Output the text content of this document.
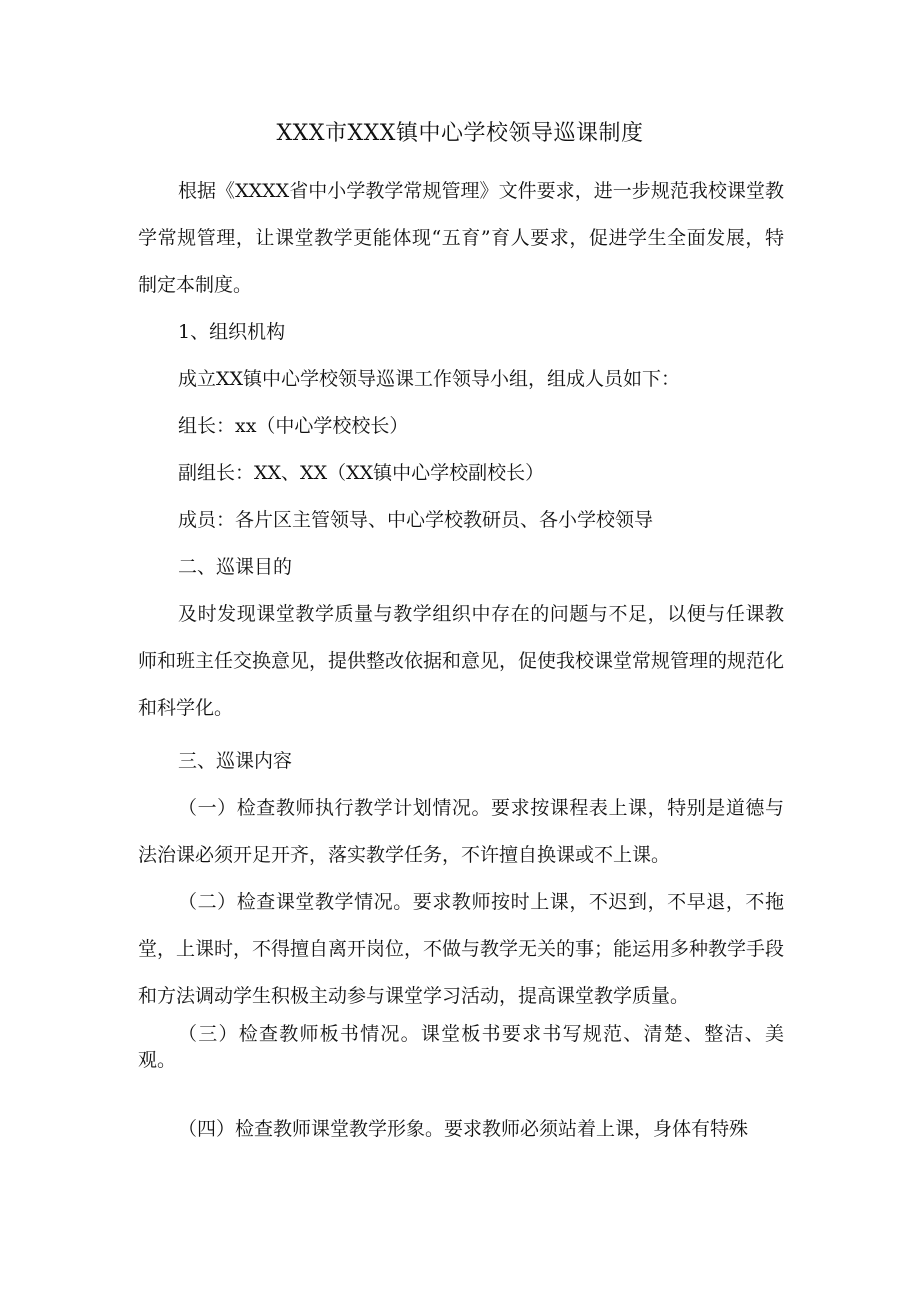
XXX市XXX镇中心学校领导巡课制度

根据《XXXX省中小学教学常规管理》文件要求，进一步规范我校课堂教学常规管理，让课堂教学更能体现“五育”育人要求，促进学生全面发展，特制定本制度。

1、组织机构

成立XX镇中心学校领导巡课工作领导小组，组成人员如下：

组长：xx（中心学校校长）

副组长：XX、XX（XX镇中心学校副校长）

成员：各片区主管领导、中心学校教研员、各小学校领导

二、巡课目的

及时发现课堂教学质量与教学组织中存在的问题与不足，以便与任课教师和班主任交换意见，提供整改依据和意见，促使我校课堂常规管理的规范化和科学化。

三、巡课内容

（一）检查教师执行教学计划情况。要求按课程表上课，特别是道德与法治课必须开足开齐，落实教学任务，不许擅自换课或不上课。

（二）检查课堂教学情况。要求教师按时上课，不迟到，不早退，不拖堂，上课时，不得擅自离开岗位，不做与教学无关的事；能运用多种教学手段和方法调动学生积极主动参与课堂学习活动，提高课堂教学质量。

（三）检查教师板书情况。课堂板书要求书写规范、清楚、整洁、美观。

（四）检查教师课堂教学形象。要求教师必须站着上课，身体有特殊
